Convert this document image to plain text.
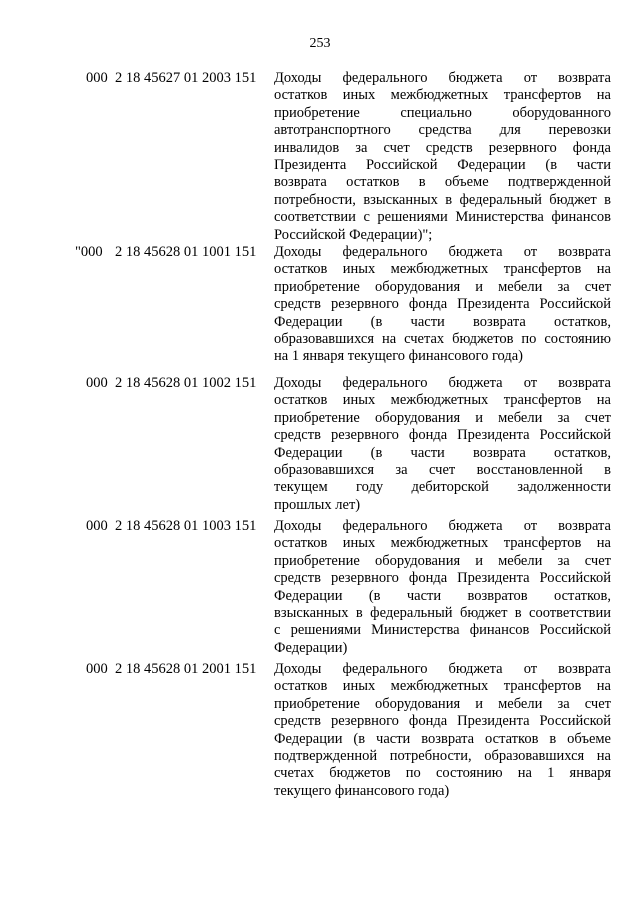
253
000 2 18 45627 01 2003 151 Доходы федерального бюджета от возврата
остатков иных межбюджетных трансфертов на
приобретение специально оборудованного
автотранспортного средства для перевозки
инвалидов за счет средств резервного фонда
Президента Российской Федерации (в части
возврата остатков в объеме подтвержденной
потребности, взысканных в федеральный бюджет в
соответствии с решениями Министерства финансов
Российской Федерации)";
"000 2 18 45628 01 1001 151 Доходы федерального бюджета от возврата
остатков иных межбюджетных трансфертов на
приобретение оборудования и мебели за счет
средств резервного фонда Президента Российской
Федерации (в части возврата остатков,
образовавшихся на счетах бюджетов по состоянию
на 1 января текущего финансового года)
000 2 18 45628 01 1002 151 Доходы федерального бюджета от возврата
остатков иных межбюджетных трансфертов на
приобретение оборудования и мебели за счет
средств резервного фонда Президента Российской
Федерации (в части возврата остатков,
образовавшихся за счет восстановленной в
текущем году дебиторской задолженности
прошлых лет)
000 2 18 45628 01 1003 151 Доходы федерального бюджета от возврата
остатков иных межбюджетных трансфертов на
приобретение оборудования и мебели за счет
средств резервного фонда Президента Российской
Федерации (в части возвратов остатков,
взысканных в федеральный бюджет в соответствии
с решениями Министерства финансов Российской
Федерации)
000 2 18 45628 01 2001 151 Доходы федерального бюджета от возврата
остатков иных межбюджетных трансфертов на
приобретение оборудования и мебели за счет
средств резервного фонда Президента Российской
Федерации (в части возврата остатков в объеме
подтвержденной потребности, образовавшихся на
счетах бюджетов по состоянию на 1 января
текущего финансового года)
